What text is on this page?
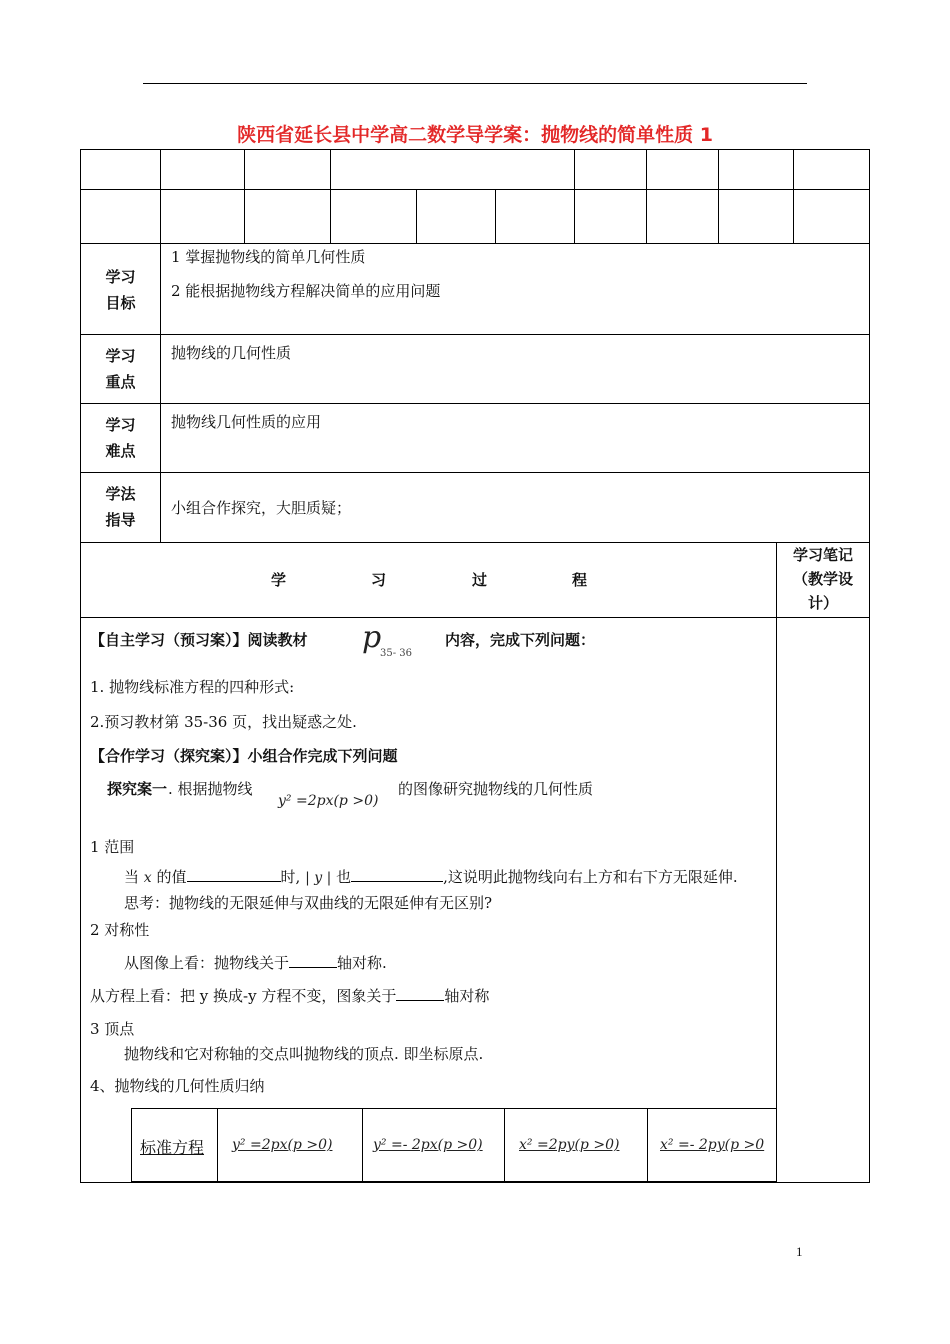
陕西省延长县中学高二数学导学案：抛物线的简单性质 1
学习
目标
1 掌握抛物线的简单几何性质
2 能根据抛物线方程解决简单的应用问题
学习
重点
抛物线的几何性质
学习
难点
抛物线几何性质的应用
学法
指导
小组合作探究，大胆质疑；
学	习	过	程
学习笔记
（教学设
计）
【自主学习（预习案）】阅读教材 p
35- 36
内容，完成下列问题：
1. 抛物线标准方程的四种形式:
2.预习教材第 35-36 页，找出疑惑之处.
【合作学习（探究案）】小组合作完成下列问题
探究案一 . 根据抛物线
y² =2px(p >0)
的图像研究抛物线的几何性质
1 范围
当 x 的值	时, | y | 也	,这说明此抛物线向右上方和右下方无限延伸.
思考：抛物线的无限延伸与双曲线的无限延伸有无区别?
2 对称性
从图像上看：抛物线关于	轴对称.
从方程上看：把 y 换成-y 方程不变，图象关于	轴对称
3 顶点
抛物线和它对称轴的交点叫抛物线的顶点. 即坐标原点.
4、抛物线的几何性质归纳
标准方程 y² =2px(p >0)	y² =- 2px(p >0)	x² =2py(p >0)	x² =- 2py(p >0
1
